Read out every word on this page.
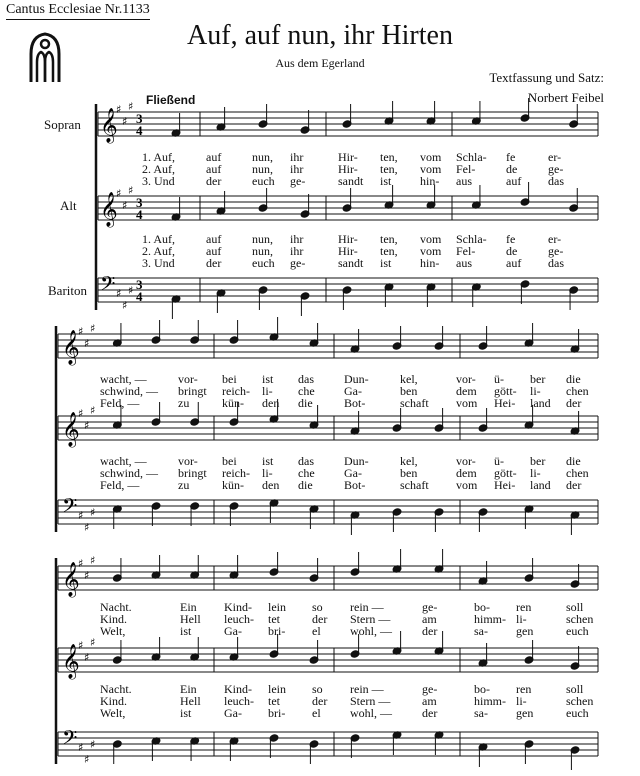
Cantus Ecclesiae Nr.1133
Auf, auf nun, ihr Hirten
Aus dem Egerland
Textfassung und Satz:
Norbert Feibel
Fließend
Sopran
Alt
Bariton
𝄞
♯
♯
♯
3
4
𝄞
♯
♯
♯
3
4
𝄢 ♯
♯
♯ 3
4
𝄞
♯
♯
♯
𝄞
♯
♯
♯
𝄢 ♯
♯
♯
𝄞
♯
♯
♯
𝄞
♯
♯
♯
𝄢 ♯
♯
♯
1. Auf,	auf	nun, ihr	Hir- ten, vom Schla- fe	er-
2. Auf,	auf	nun, ihr	Hir- ten, vom Fel-	de	ge-
3. Und	der	euch ge-	sandt ist hin- aus	auf das
1. Auf,	auf	nun, ihr	Hir- ten, vom Schla- fe	er-
2. Auf,	auf	nun, ihr	Hir- ten, vom Fel-	de	ge-
3. Und	der	euch ge-	sandt ist hin- aus	auf das
wacht, —	vor- bei ist das	Dun-	kel,	vor- ü- ber die
schwind, — bringt reich- li- che Ga-	ben	dem gött- li- chen
Feld, —	zu	kün- den die	Bot-	schaft vom Hei- land der
wacht, —	vor- bei ist das	Dun-	kel,	vor- ü- ber die
schwind, — bringt reich- li- che Ga-	ben	dem gött- li- chen
Feld, —	zu	kün- den die	Bot-	schaft vom Hei- land der
Nacht.	Ein Kind- lein so rein —	ge-	bo- ren	soll
Kind.	Hell leuch- tet	der Stern —	am	himm- li-	schen
Welt,	ist	Ga- bri- el wohl, —	der	sa- gen	euch
Nacht.	Ein Kind- lein so rein —	ge-	bo- ren	soll
Kind.	Hell leuch- tet	der Stern —	am	himm- li-	schen
Welt,	ist	Ga- bri- el wohl, —	der	sa- gen	euch
